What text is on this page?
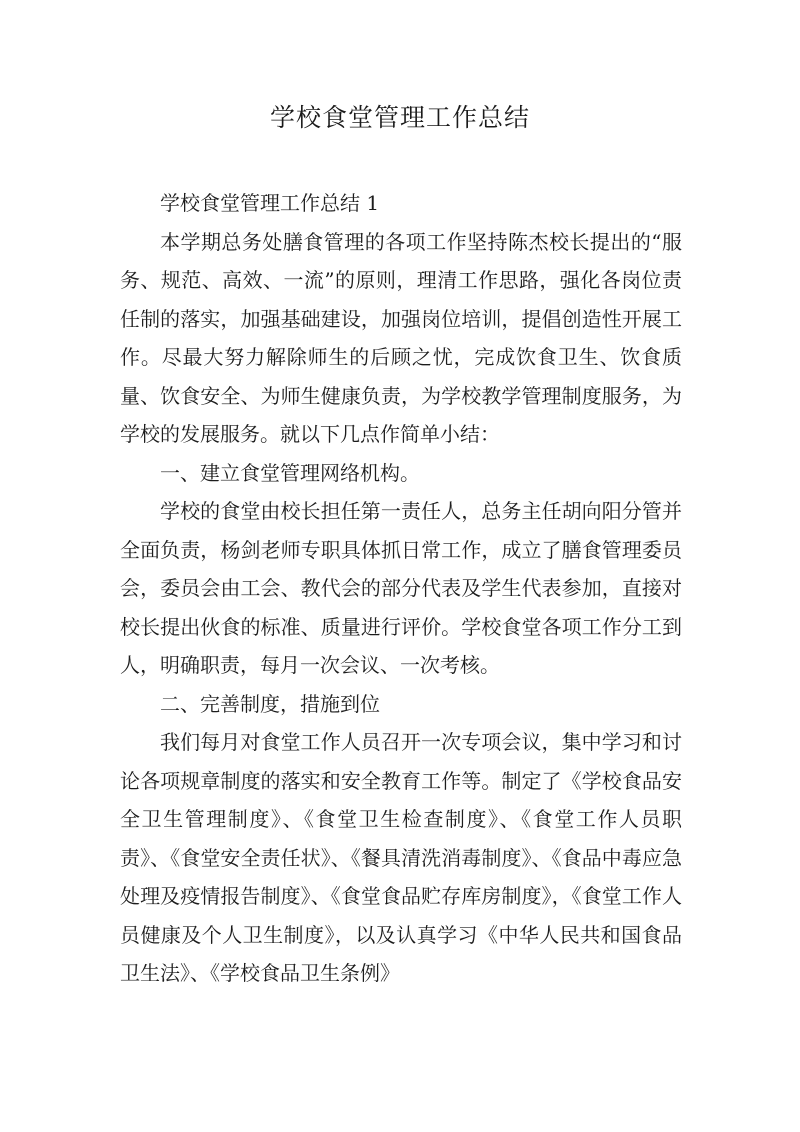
学校食堂管理工作总结

学校食堂管理工作总结 1

本学期总务处膳食管理的各项工作坚持陈杰校长提出的“服务、规范、高效、一流”的原则，理清工作思路，强化各岗位责任制的落实，加强基础建设，加强岗位培训，提倡创造性开展工作。尽最大努力解除师生的后顾之忧，完成饮食卫生、饮食质量、饮食安全、为师生健康负责，为学校教学管理制度服务，为学校的发展服务。就以下几点作简单小结：

一、建立食堂管理网络机构。

学校的食堂由校长担任第一责任人，总务主任胡向阳分管并全面负责，杨剑老师专职具体抓日常工作，成立了膳食管理委员会，委员会由工会、教代会的部分代表及学生代表参加，直接对校长提出伙食的标准、质量进行评价。学校食堂各项工作分工到人，明确职责，每月一次会议、一次考核。

二、完善制度，措施到位

我们每月对食堂工作人员召开一次专项会议，集中学习和讨论各项规章制度的落实和安全教育工作等。制定了《学校食品安全卫生管理制度》、《食堂卫生检查制度》、《食堂工作人员职责》、《食堂安全责任状》、《餐具清洗消毒制度》、《食品中毒应急处理及疫情报告制度》、《食堂食品贮存库房制度》，《食堂工作人员健康及个人卫生制度》，以及认真学习《中华人民共和国食品卫生法》、《学校食品卫生条例》
